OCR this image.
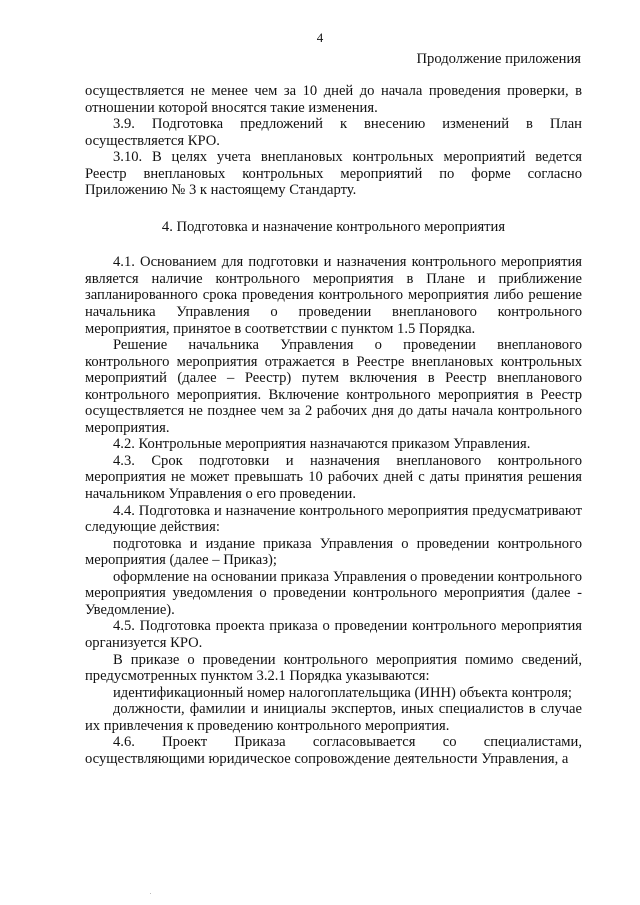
4
Продолжение приложения

осуществляется не менее чем за 10 дней до начала проведения проверки, в отношении которой вносятся такие изменения.

3.9. Подготовка предложений к внесению изменений в План осуществляется КРО.

3.10. В целях учета внеплановых контрольных мероприятий ведется Реестр внеплановых контрольных мероприятий по форме согласно Приложению № 3 к настоящему Стандарту.

4. Подготовка и назначение контрольного мероприятия

4.1. Основанием для подготовки и назначения контрольного мероприятия является наличие контрольного мероприятия в Плане и приближение запланированного срока проведения контрольного мероприятия либо решение начальника Управления о проведении внепланового контрольного мероприятия, принятое в соответствии с пунктом 1.5 Порядка.

Решение начальника Управления о проведении внепланового контрольного мероприятия отражается в Реестре внеплановых контрольных мероприятий (далее – Реестр) путем включения в Реестр внепланового контрольного мероприятия. Включение контрольного мероприятия в Реестр осуществляется не позднее чем за 2 рабочих дня до даты начала контрольного мероприятия.

4.2. Контрольные мероприятия назначаются приказом Управления.

4.3. Срок подготовки и назначения внепланового контрольного мероприятия не может превышать 10 рабочих дней с даты принятия решения начальником Управления о его проведении.

4.4. Подготовка и назначение контрольного мероприятия предусматривают следующие действия:

подготовка и издание приказа Управления о проведении контрольного мероприятия (далее – Приказ);

оформление на основании приказа Управления о проведении контрольного мероприятия уведомления о проведении контрольного мероприятия (далее - Уведомление).

4.5. Подготовка проекта приказа о проведении контрольного мероприятия организуется КРО.

В приказе о проведении контрольного мероприятия помимо сведений, предусмотренных пунктом 3.2.1 Порядка указываются:

идентификационный номер налогоплательщика (ИНН) объекта контроля;

должности, фамилии и инициалы экспертов, иных специалистов в случае их привлечения к проведению контрольного мероприятия.

4.6. Проект Приказа согласовывается со специалистами, осуществляющими юридическое сопровождение деятельности Управления, а
